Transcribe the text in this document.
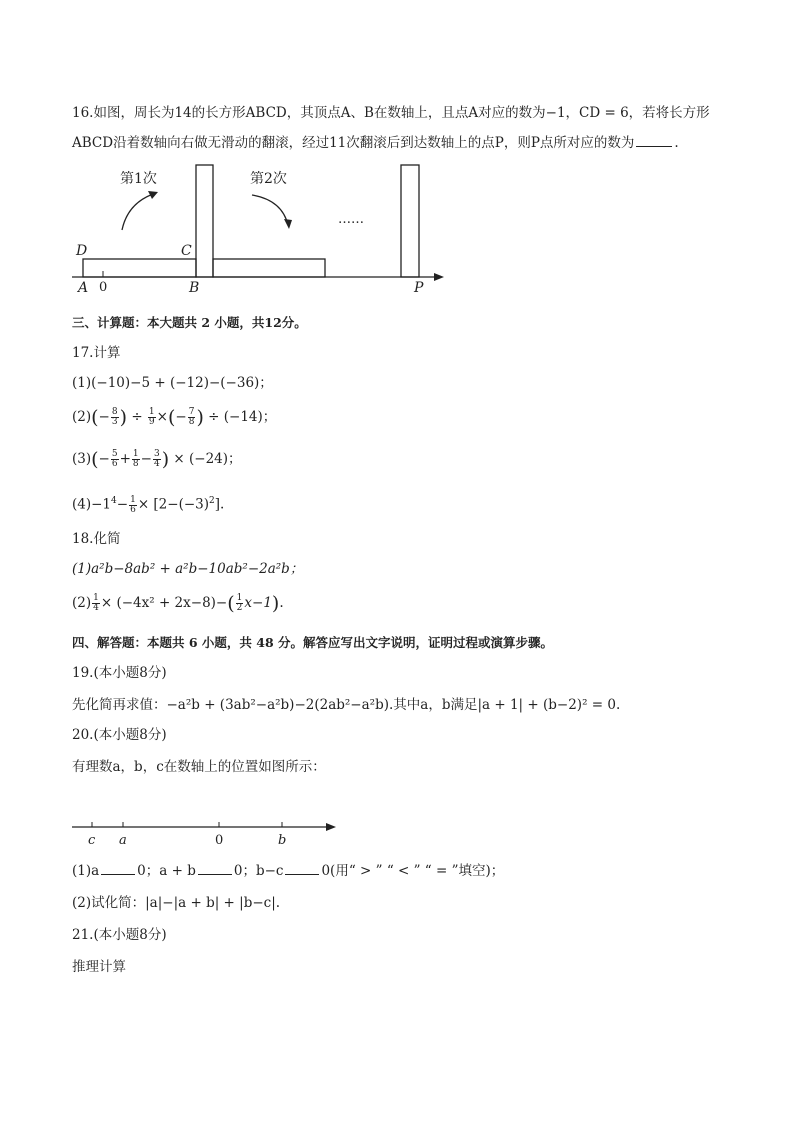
16.如图，周长为14的长方形ABCD，其顶点A、B在数轴上，且点A对应的数为−1，CD = 6，若将长方形
ABCD沿着数轴向右做无滑动的翻滚，经过11次翻滚后到达数轴上的点P，则P点所对应的数为	.
第1次	第2次
……
D	C
A 0	B	P
三、计算题：本大题共 2 小题，共12分。
17.计算
(1)(−10)−5 + (−12)−(−36)；
$(2)(- \frac{8}{3}$ ) ÷ $\frac{1}{9}$ ×(− $\frac{7}{8}$ ) ÷ (−14)；
$(3)(- \frac{5}{6} + \frac{1}{8} - \frac{3}{4}$ ) × (−24)；
$(4)-1^4- \frac{1}{6} \times [2-(-3)^2]$.
18.化简
(1)a²b−8ab² + a²b−10ab²−2a²b；
$(2) \frac{1}{4} \times (-4x^2 + 2x-8)-( \frac{1}{2} x-1)$.
四、解答题：本题共 6 小题，共 48 分。解答应写出文字说明，证明过程或演算步骤。
19.(本小题8分)
先化简再求值：−a²b + (3ab²−a²b)−2(2ab²−a²b).其中a，b满足|a + 1| + (b−2)² = 0.
20.(本小题8分)
有理数a，b，c在数轴上的位置如图所示：
c a	0	b
(1)a	0；a + b	0；b−c	0(用“ > ” “ < ” “ = ”填空)；
(2)试化简：|a|−|a + b| + |b−c|.
21.(本小题8分)
推理计算
